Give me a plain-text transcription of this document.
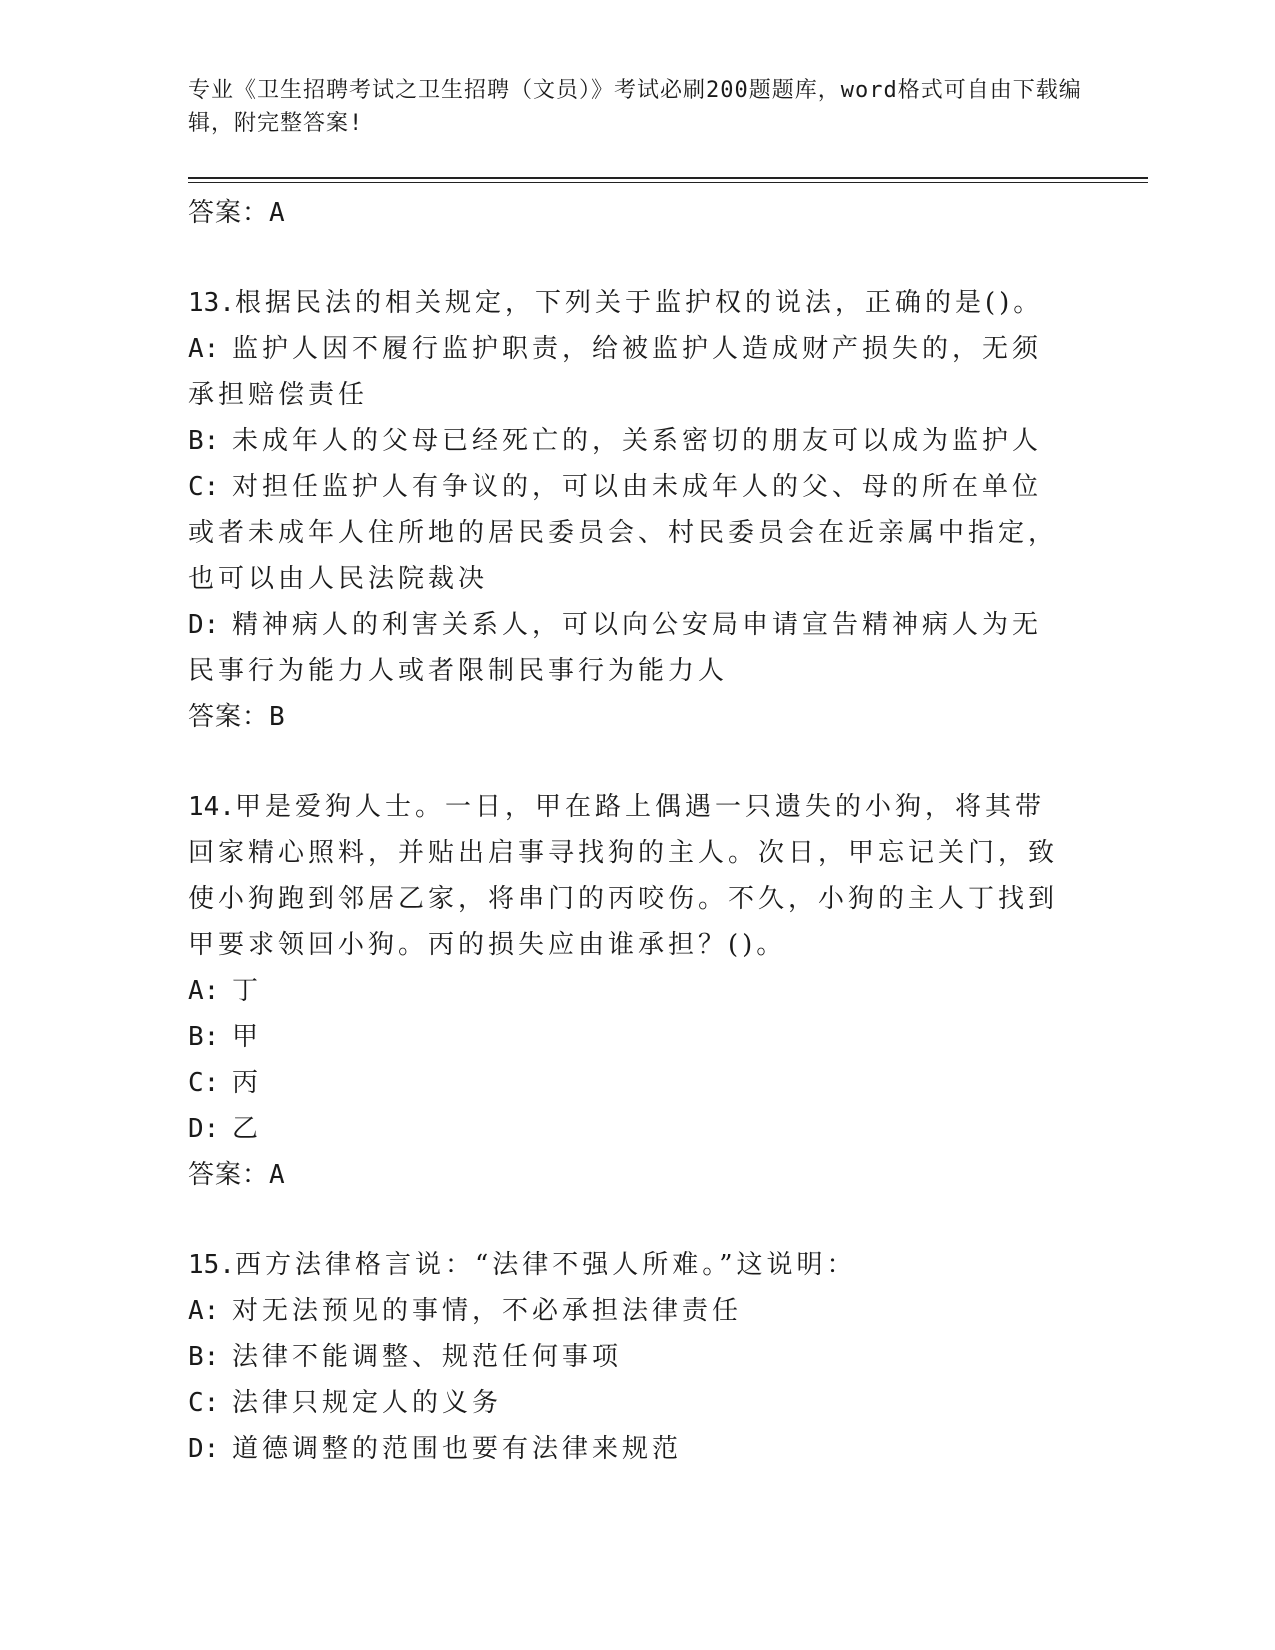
专业《卫生招聘考试之卫生招聘（文员）》考试必刷200题题库，word格式可自由下载编辑，附完整答案!

答案：A

13.根据民法的相关规定，下列关于监护权的说法，正确的是()。

A: 监护人因不履行监护职责，给被监护人造成财产损失的，无须承担赔偿责任

B: 未成年人的父母已经死亡的，关系密切的朋友可以成为监护人

C: 对担任监护人有争议的，可以由未成年人的父、母的所在单位或者未成年人住所地的居民委员会、村民委员会在近亲属中指定，也可以由人民法院裁决

D: 精神病人的利害关系人，可以向公安局申请宣告精神病人为无民事行为能力人或者限制民事行为能力人

答案：B

14.甲是爱狗人士。一日，甲在路上偶遇一只遗失的小狗，将其带回家精心照料，并贴出启事寻找狗的主人。次日，甲忘记关门，致使小狗跑到邻居乙家，将串门的丙咬伤。不久，小狗的主人丁找到甲要求领回小狗。丙的损失应由谁承担？()。

A: 丁

B: 甲

C: 丙

D: 乙

答案：A

15.西方法律格言说：“法律不强人所难。”这说明：

A: 对无法预见的事情，不必承担法律责任

B: 法律不能调整、规范任何事项

C: 法律只规定人的义务

D: 道德调整的范围也要有法律来规范
